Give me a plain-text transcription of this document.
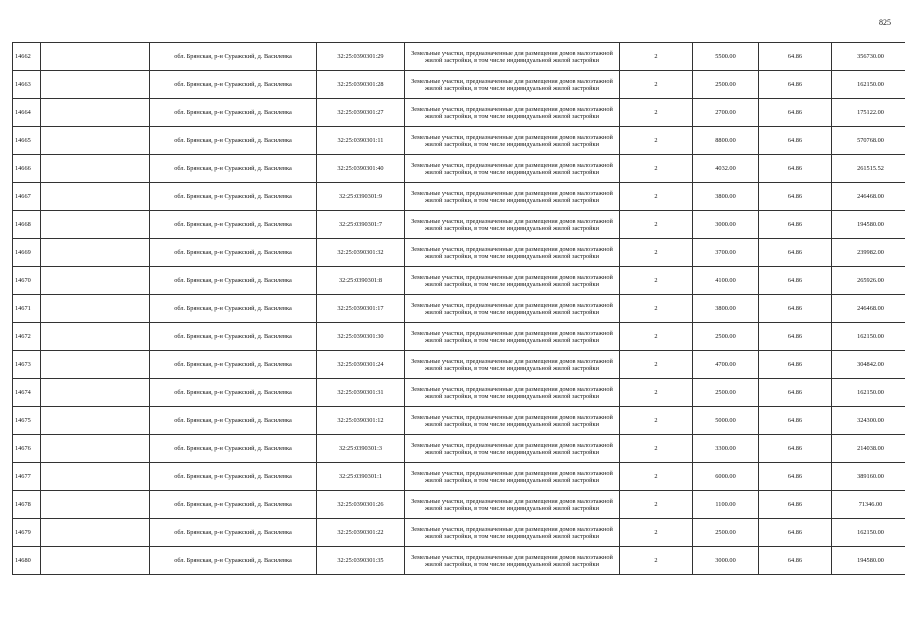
825
14662		обл. Брянская, р-н Суражский, д. Василевка	32:25:0390301:29	Земельные участки, предназначенные для размещения домов малоэтажной жилой застройки, в том числе индивидуальной жилой застройки	2	5500.00	64.86	356730.00
14663		обл. Брянская, р-н Суражский, д. Василевка	32:25:0390301:28	Земельные участки, предназначенные для размещения домов малоэтажной жилой застройки, в том числе индивидуальной жилой застройки	2	2500.00	64.86	162150.00
14664		обл. Брянская, р-н Суражский, д. Василевка	32:25:0390301:27	Земельные участки, предназначенные для размещения домов малоэтажной жилой застройки, в том числе индивидуальной жилой застройки	2	2700.00	64.86	175122.00
14665		обл. Брянская, р-н Суражский, д. Василевка	32:25:0390301:11	Земельные участки, предназначенные для размещения домов малоэтажной жилой застройки, в том числе индивидуальной жилой застройки	2	8800.00	64.86	570768.00
14666		обл. Брянская, р-н Суражский, д. Василевка	32:25:0390301:40	Земельные участки, предназначенные для размещения домов малоэтажной жилой застройки, в том числе индивидуальной жилой застройки	2	4032.00	64.86	261515.52
14667		обл. Брянская, р-н Суражский, д. Василевка	32:25:0390301:9	Земельные участки, предназначенные для размещения домов малоэтажной жилой застройки, в том числе индивидуальной жилой застройки	2	3800.00	64.86	246468.00
14668		обл. Брянская, р-н Суражский, д. Василевка	32:25:0390301:7	Земельные участки, предназначенные для размещения домов малоэтажной жилой застройки, в том числе индивидуальной жилой застройки	2	3000.00	64.86	194580.00
14669		обл. Брянская, р-н Суражский, д. Василевка	32:25:0390301:32	Земельные участки, предназначенные для размещения домов малоэтажной жилой застройки, в том числе индивидуальной жилой застройки	2	3700.00	64.86	239982.00
14670		обл. Брянская, р-н Суражский, д. Василевка	32:25:0390301:8	Земельные участки, предназначенные для размещения домов малоэтажной жилой застройки, в том числе индивидуальной жилой застройки	2	4100.00	64.86	265926.00
14671		обл. Брянская, р-н Суражский, д. Василевка	32:25:0390301:17	Земельные участки, предназначенные для размещения домов малоэтажной жилой застройки, в том числе индивидуальной жилой застройки	2	3800.00	64.86	246468.00
14672		обл. Брянская, р-н Суражский, д. Василевка	32:25:0390301:30	Земельные участки, предназначенные для размещения домов малоэтажной жилой застройки, в том числе индивидуальной жилой застройки	2	2500.00	64.86	162150.00
14673		обл. Брянская, р-н Суражский, д. Василевка	32:25:0390301:24	Земельные участки, предназначенные для размещения домов малоэтажной жилой застройки, в том числе индивидуальной жилой застройки	2	4700.00	64.86	304842.00
14674		обл. Брянская, р-н Суражский, д. Василевка	32:25:0390301:31	Земельные участки, предназначенные для размещения домов малоэтажной жилой застройки, в том числе индивидуальной жилой застройки	2	2500.00	64.86	162150.00
14675		обл. Брянская, р-н Суражский, д. Василевка	32:25:0390301:12	Земельные участки, предназначенные для размещения домов малоэтажной жилой застройки, в том числе индивидуальной жилой застройки	2	5000.00	64.86	324300.00
14676		обл. Брянская, р-н Суражский, д. Василевка	32:25:0390301:3	Земельные участки, предназначенные для размещения домов малоэтажной жилой застройки, в том числе индивидуальной жилой застройки	2	3300.00	64.86	214038.00
14677		обл. Брянская, р-н Суражский, д. Василевка	32:25:0390301:1	Земельные участки, предназначенные для размещения домов малоэтажной жилой застройки, в том числе индивидуальной жилой застройки	2	6000.00	64.86	389160.00
14678		обл. Брянская, р-н Суражский, д. Василевка	32:25:0390301:26	Земельные участки, предназначенные для размещения домов малоэтажной жилой застройки, в том числе индивидуальной жилой застройки	2	1100.00	64.86	71346.00
14679		обл. Брянская, р-н Суражский, д. Василевка	32:25:0390301:22	Земельные участки, предназначенные для размещения домов малоэтажной жилой застройки, в том числе индивидуальной жилой застройки	2	2500.00	64.86	162150.00
14680		обл. Брянская, р-н Суражский, д. Василевка	32:25:0390301:35	Земельные участки, предназначенные для размещения домов малоэтажной жилой застройки, в том числе индивидуальной жилой застройки	2	3000.00	64.86	194580.00
